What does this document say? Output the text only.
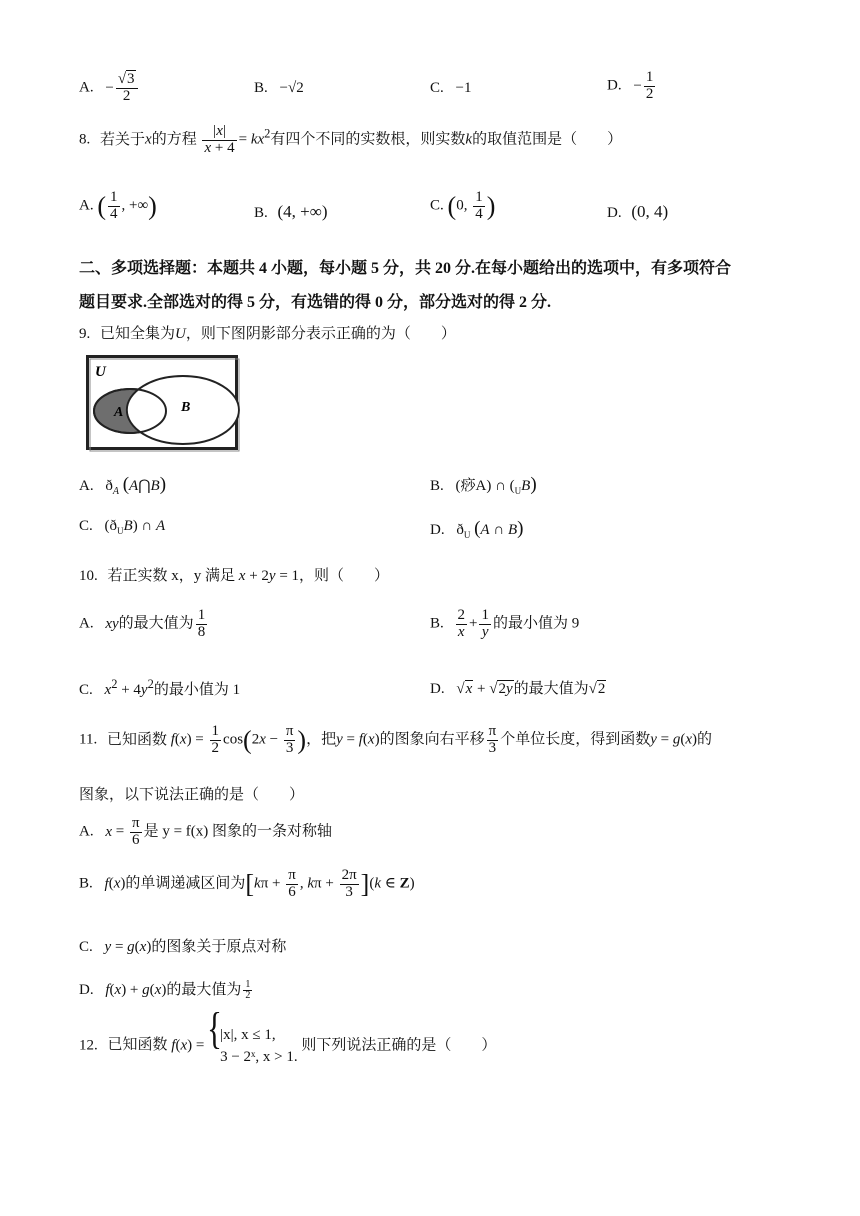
A. − $\frac{√3}{2}$	B. −√2	C. −1	D. − $\frac{1}{2}$
8. 若关于x的方程 $\frac{|x|}{x + 4} = kx^2$有四个不同的实数根，则实数k的取值范围是（　　）
A. ( $\frac{1}{4}$ , +∞)	B. (4, +∞)	C. (0, $\frac{1}{4}$ )	D. (0, 4)
二、多项选择题：本题共 4 小题，每小题 5 分，共 20 分.在每小题给出的选项中，有多项符合
题目要求.全部选对的得 5 分，有选错的得 0 分，部分选对的得 2 分.
9. 已知全集为U，则下图阴影部分表示正确的为（　　）
U
A	B
A. $ð_A$ (A⋂B)	B. (痧A) ∩ $(_UB)$
C. $(ð_UB)$ ∩ A	D. $ð_U$ (A ∩ B)
10. 若正实数 x，y 满足 x + 2y = 1，则（　　）
A. xy的最大值为 $\frac{1}{8}$	B. $\frac{2}{x} + \frac{1}{y}$ 的最小值为 9
C. $x^2 + 4y^2$的最小值为 1	D. √x + √2y的最大值为√2
11. 已知函数 $f(x) = \frac{1}{2} \cos(2x - \frac{\pi}{3}$ )，把y = f(x)的图象向右平移 $\frac{\pi}{3}$ 个单位长度，得到函数y = g(x)的
图象，以下说法正确的是（　　）
A. $x = \frac{\pi}{6}$ 是 y = f(x) 图象的一条对称轴
B. f(x)的单调递减区间为[$k\pi + \frac{\pi}{6}$ , $k\pi + \frac{2\pi}{3} ](k$ ∈ Z)
C. y = g(x)的图象关于原点对称
D. f(x) + g(x)的最大值为 $\frac{1}{2}$
12. 已知函数 f(x) =
{ |x|, x ≤ 1,
3 − 2ˣ, x > 1.
则下列说法正确的是（　　）
